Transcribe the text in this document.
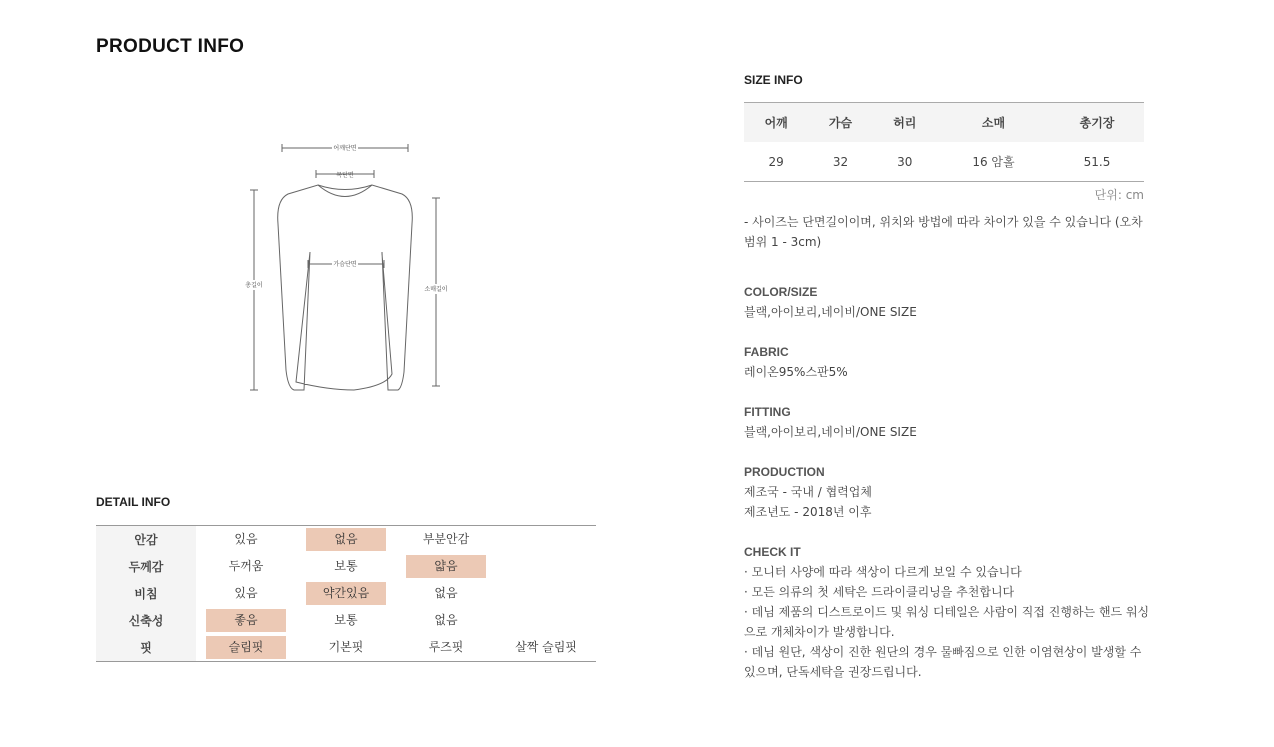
PRODUCT INFO
어깨단면
목단면
가슴단면
총길이
소매길이
DETAIL INFO
안감	있음	없음	부분안감	

두께감	두꺼움	보통	얇음	

비침	있음	약간있음	없음	

신축성	좋음	보통	없음	

핏	슬림핏	기본핏	루즈핏	살짝 슬림핏
SIZE INFO
어깨	가슴	허리	소매	총기장
29	32	30	16 암홀	51.5
단위: cm
- 사이즈는 단면길이이며, 위치와 방법에 따라 차이가 있을 수 있습니다 (오차범위 1 - 3cm)
COLOR/SIZE

블랙,아이보리,네이비/ONE SIZE

FABRIC

레이온95%스판5%

FITTING

블랙,아이보리,네이비/ONE SIZE

PRODUCTION

제조국 - 국내 / 협력업체

제조년도 - 2018년 이후

CHECK IT

· 모니터 사양에 따라 색상이 다르게 보일 수 있습니다

· 모든 의류의 첫 세탁은 드라이클리닝을 추천합니다

· 데님 제품의 디스트로이드 및 워싱 디테일은 사람이 직접 진행하는 핸드 워싱으로 개체차이가 발생합니다.

· 데님 원단, 색상이 진한 원단의 경우 물빠짐으로 인한 이염현상이 발생할 수 있으며, 단독세탁을 권장드립니다.
